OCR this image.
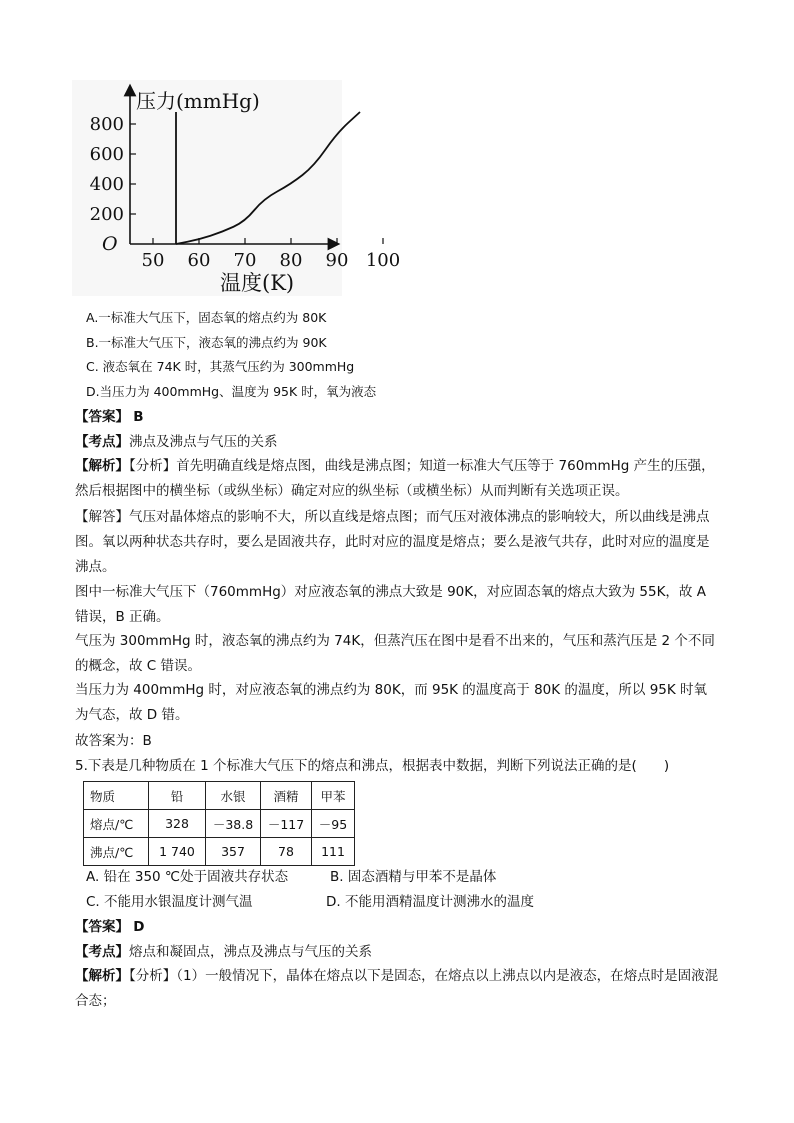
压力(mmHg)
800
600
400
200
O
50 60 70 80 90 100
温度(K)
A.一标准大气压下，固态氧的熔点约为 80K
B.一标准大气压下，液态氧的沸点约为 90K
C. 液态氧在 74K 时，其蒸气压约为 300mmHg
D.当压力为 400mmHg、温度为 95K 时，氧为液态
【答案】 B
【考点】沸点及沸点与气压的关系
【解析】【分析】首先明确直线是熔点图，曲线是沸点图；知道一标准大气压等于 760mmHg 产生的压强，然后根据图中的横坐标（或纵坐标）确定对应的纵坐标（或横坐标）从而判断有关选项正误。
【解答】气压对晶体熔点的影响不大，所以直线是熔点图；而气压对液体沸点的影响较大，所以曲线是沸点图。氧以两种状态共存时，要么是固液共存，此时对应的温度是熔点；要么是液气共存，此时对应的温度是沸点。
图中一标准大气压下（760mmHg）对应液态氧的沸点大致是 90K，对应固态氧的熔点大致为 55K，故 A 错误，B 正确。
气压为 300mmHg 时，液态氧的沸点约为 74K，但蒸汽压在图中是看不出来的，气压和蒸汽压是 2 个不同的概念，故 C 错误。
当压力为 400mmHg 时，对应液态氧的沸点约为 80K，而 95K 的温度高于 80K 的温度，所以 95K 时氧为气态，故 D 错。
故答案为：B
5.下表是几种物质在 1 个标准大气压下的熔点和沸点，根据表中数据，判断下列说法正确的是(　　)
物质	铅	水银	酒精	甲苯
熔点/℃	328	－38.8	－117	－95
沸点/℃	1 740	357	78	111
A. 铅在 350 ℃处于固液共存状态	B. 固态酒精与甲苯不是晶体
C. 不能用水银温度计测气温	D. 不能用酒精温度计测沸水的温度
【答案】 D
【考点】熔点和凝固点，沸点及沸点与气压的关系
【解析】【分析】（1）一般情况下，晶体在熔点以下是固态，在熔点以上沸点以内是液态，在熔点时是固液混合态；
